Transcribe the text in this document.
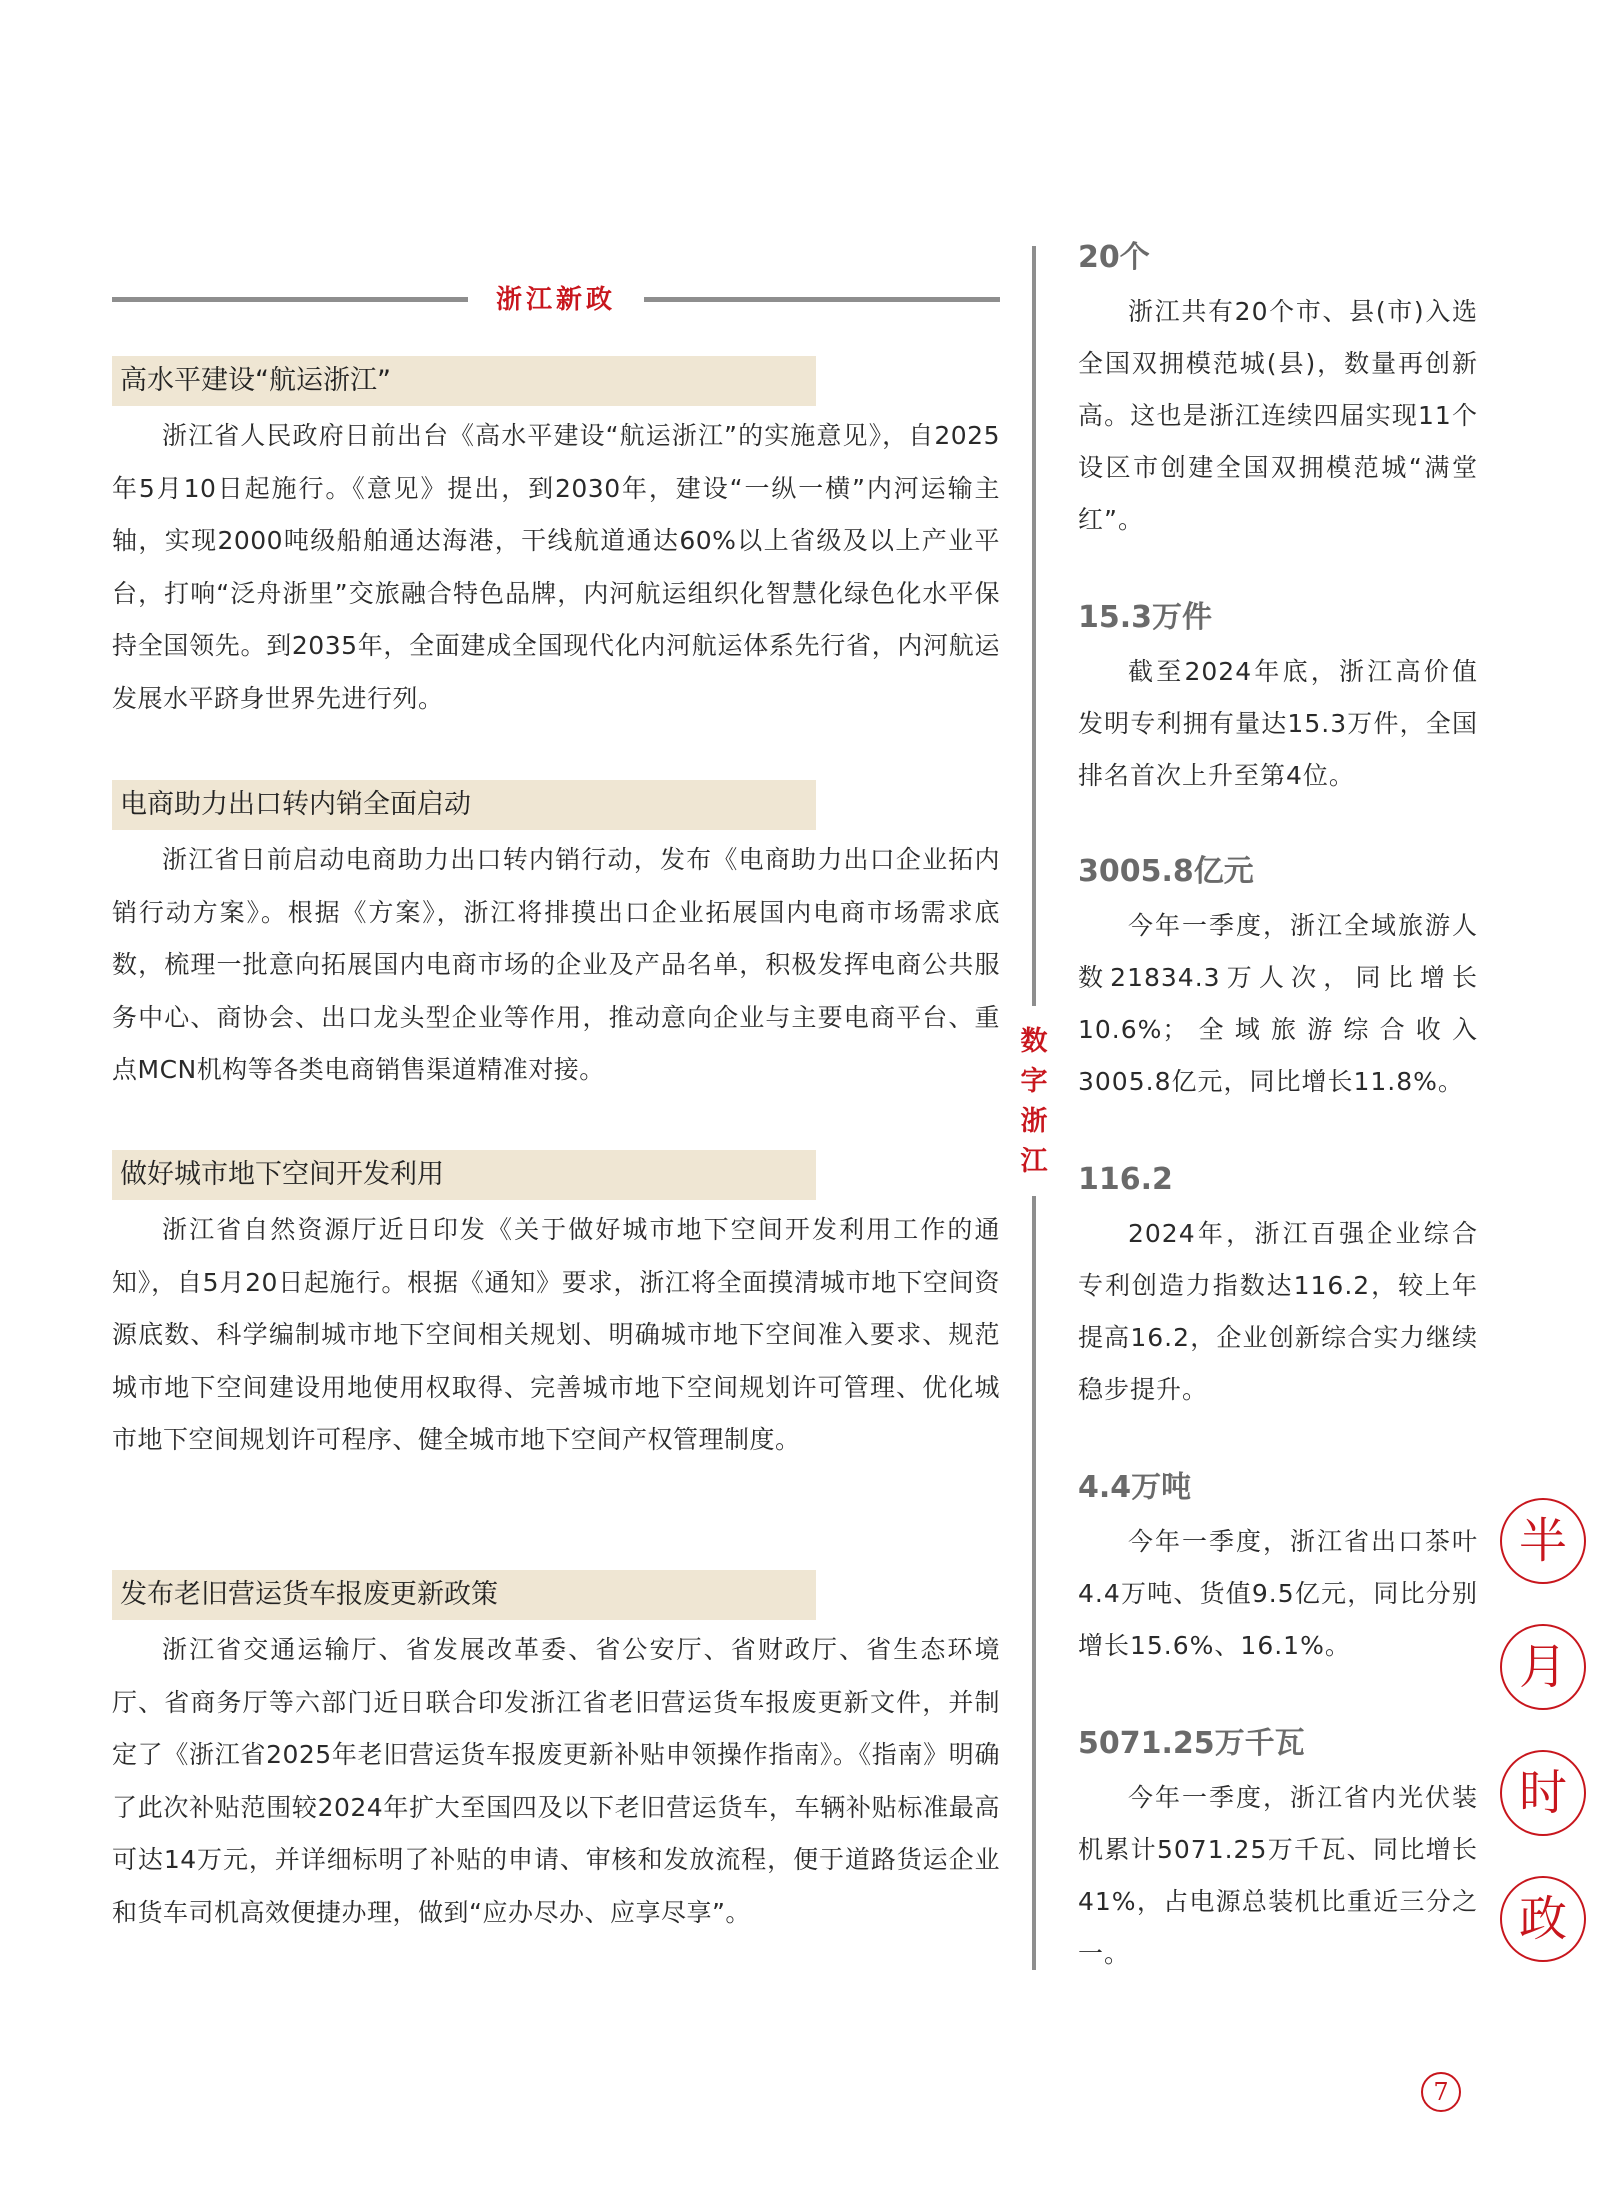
浙江新政
高水平建设“航运浙江”

浙江省人民政府日前出台《高水平建设“航运浙江”的实施意见》，自2025年5月10日起施行。《意见》提出，到2030年，建设“一纵一横”内河运输主轴，实现2000吨级船舶通达海港，干线航道通达60%以上省级及以上产业平台，打响“泛舟浙里”交旅融合特色品牌，内河航运组织化智慧化绿色化水平保持全国领先。到2035年，全面建成全国现代化内河航运体系先行省，内河航运发展水平跻身世界先进行列。

电商助力出口转内销全面启动

浙江省日前启动电商助力出口转内销行动，发布《电商助力出口企业拓内销行动方案》。根据《方案》，浙江将排摸出口企业拓展国内电商市场需求底数，梳理一批意向拓展国内电商市场的企业及产品名单，积极发挥电商公共服务中心、商协会、出口龙头型企业等作用，推动意向企业与主要电商平台、重点MCN机构等各类电商销售渠道精准对接。

做好城市地下空间开发利用

浙江省自然资源厅近日印发《关于做好城市地下空间开发利用工作的通知》，自5月20日起施行。根据《通知》要求，浙江将全面摸清城市地下空间资源底数、科学编制城市地下空间相关规划、明确城市地下空间准入要求、规范城市地下空间建设用地使用权取得、完善城市地下空间规划许可管理、优化城市地下空间规划许可程序、健全城市地下空间产权管理制度。

发布老旧营运货车报废更新政策

浙江省交通运输厅、省发展改革委、省公安厅、省财政厅、省生态环境厅、省商务厅等六部门近日联合印发浙江省老旧营运货车报废更新文件，并制定了《浙江省2025年老旧营运货车报废更新补贴申领操作指南》。《指南》明确了此次补贴范围较2024年扩大至国四及以下老旧营运货车，车辆补贴标准最高可达14万元，并详细标明了补贴的申请、审核和发放流程，便于道路货运企业和货车司机高效便捷办理，做到“应办尽办、应享尽享”。

数
字
浙
江
20个
浙江共有20个市、县(市)入选全国双拥模范城(县)，数量再创新高。这也是浙江连续四届实现11个设区市创建全国双拥模范城“满堂红”。
15.3万件
截至2024年底，浙江高价值发明专利拥有量达15.3万件，全国排名首次上升至第4位。
3005.8亿元
今年一季度，浙江全域旅游人数21834.3万人次，同比增长10.6%；全域旅游综合收入3005.8亿元，同比增长11.8%。
116.2
2024年，浙江百强企业综合专利创造力指数达116.2，较上年提高16.2，企业创新综合实力继续稳步提升。
4.4万吨
今年一季度，浙江省出口茶叶4.4万吨、货值9.5亿元，同比分别增长15.6%、16.1%。
5071.25万千瓦
今年一季度，浙江省内光伏装机累计5071.25万千瓦、同比增长41%，占电源总装机比重近三分之一。
半
月
时
政
7
